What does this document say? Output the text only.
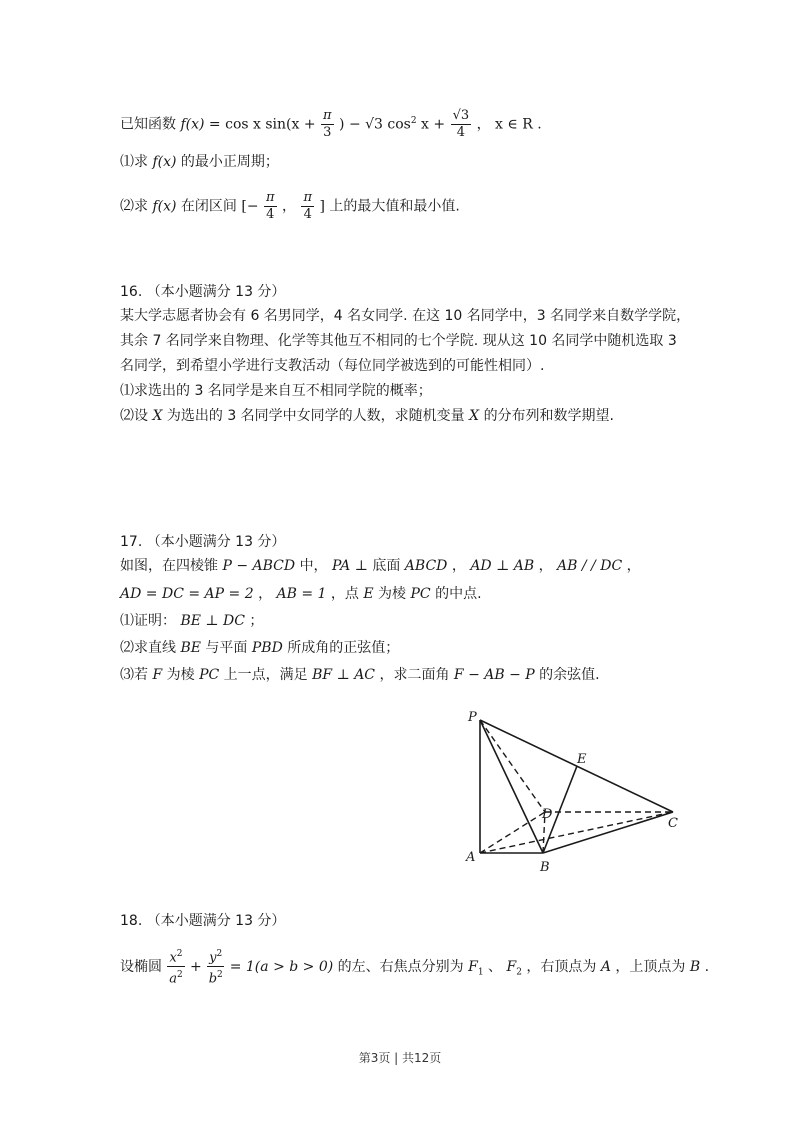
已知函数 f(x) = cos x $\sin(x + \frac{\pi}{3}$ ) − √3 $\cos^2 x + \frac{√3}{4}$ ， x ∈ R .
⑴求 f(x) 的最小正周期；
⑵求 f(x) 在闭区间 [− $\frac{\pi}{4}$ ， $\frac{\pi}{4}$ ] 上的最大值和最小值.
16. （本小题满分 13 分）
某大学志愿者协会有 6 名男同学，4 名女同学. 在这 10 名同学中，3 名同学来自数学学院，
其余 7 名同学来自物理、化学等其他互不相同的七个学院. 现从这 10 名同学中随机选取 3
名同学，到希望小学进行支教活动（每位同学被选到的可能性相同）.
⑴求选出的 3 名同学是来自互不相同学院的概率；
⑵设 X 为选出的 3 名同学中女同学的人数，求随机变量 X 的分布列和数学期望.
17. （本小题满分 13 分）
如图，在四棱锥 P − ABCD 中， PA ⊥ 底面 ABCD ， AD ⊥ AB ， AB / / DC ，
AD = DC = AP = 2 ， AB = 1 ，点 E 为棱 PC 的中点.
⑴证明： BE ⊥ DC ；
⑵求直线 BE 与平面 PBD 所成角的正弦值；
⑶若 F 为棱 PC 上一点，满足 BF ⊥ AC ，求二面角 F − AB − P 的余弦值.
P
E
D
C
A
B
18. （本小题满分 13 分）
设椭圆 $\frac{x^2}{a^2} + \frac{y^2}{b^2} = 1(a > b > 0)$ 的左、右焦点分别为 $F_1$ 、 $F_2$ ，右顶点为 A ，上顶点为 B .
第3页 | 共12页
